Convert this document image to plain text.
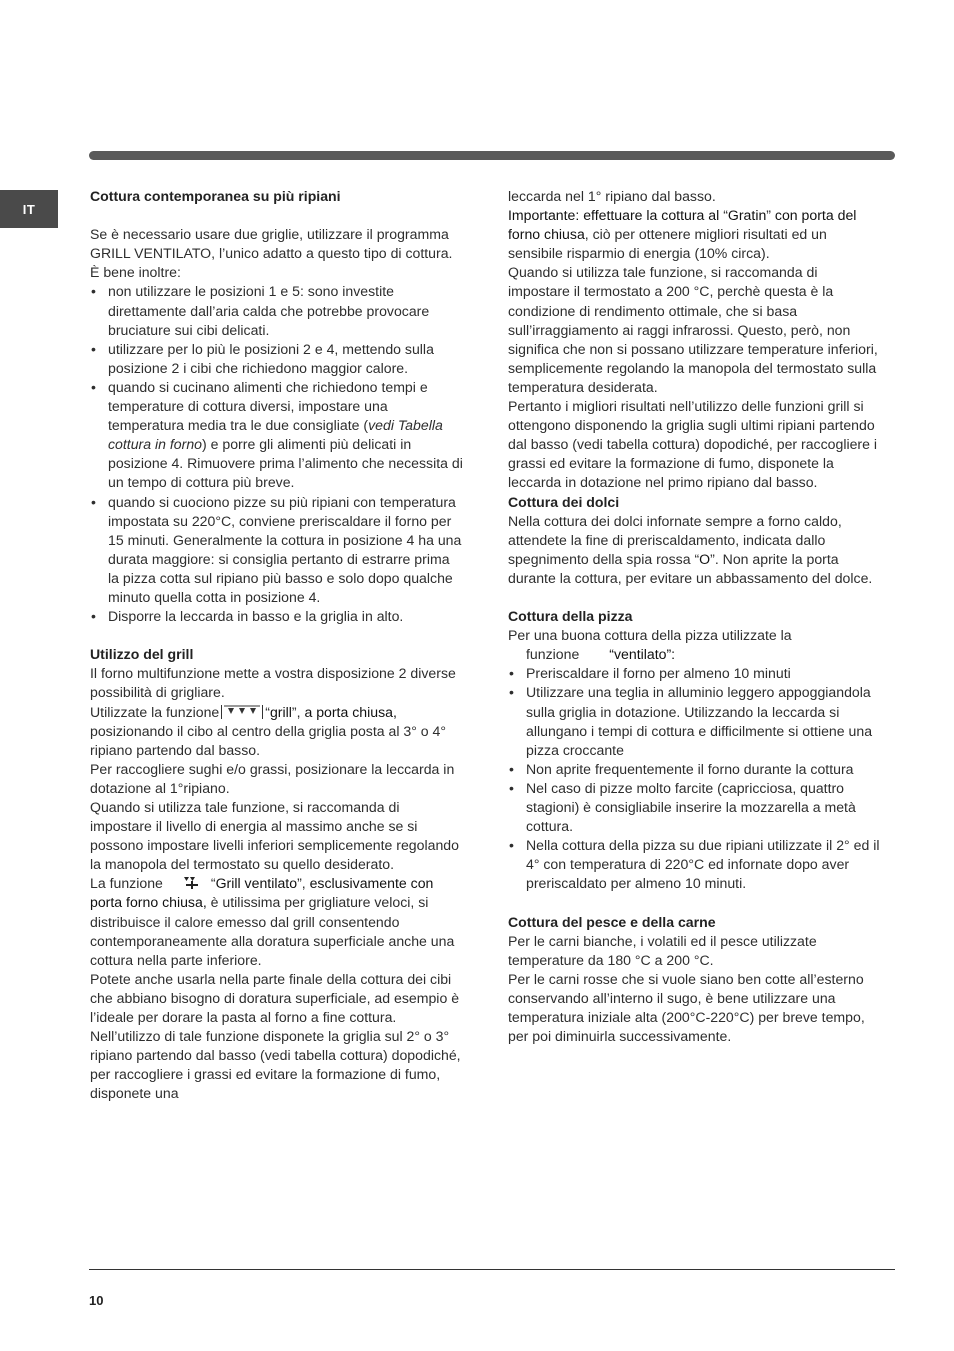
IT

Cottura contemporanea su più ripiani

Se è necessario usare due griglie, utilizzare il programma GRILL VENTILATO, l’unico adatto a questo tipo di cottura. È bene inoltre:

• non utilizzare le posizioni 1 e 5: sono investite direttamente dall’aria calda che potrebbe provocare bruciature sui cibi delicati.
• utilizzare per lo più le posizioni 2 e 4, mettendo sulla posizione 2 i cibi che richiedono maggior calore.
• quando si cucinano alimenti che richiedono tempi e temperature di cottura diversi, impostare una temperatura media tra le due consigliate (vedi Tabella cottura in forno) e porre gli alimenti più delicati in posizione 4. Rimuovere prima l’alimento che necessita di un tempo di cottura più breve.
• quando si cuociono pizze su più ripiani con temperatura impostata su 220°C, conviene preriscaldare il forno per 15 minuti. Generalmente la cottura in posizione 4 ha una durata maggiore: si consiglia pertanto di estrarre prima la pizza cotta sul ripiano più basso e solo dopo qualche minuto quella cotta in posizione 4.
• Disporre la leccarda in basso e la griglia in alto.

Utilizzo del grill

Il forno multifunzione mette a vostra disposizione 2 diverse possibilità di grigliare.

Utilizzate la funzione	“grill”, a porta chiusa, posizionando il cibo al centro della griglia posta al 3° o 4° ripiano partendo dal basso.

Per raccogliere sughi e/o grassi, posizionare la leccarda in dotazione al 1°ripiano.

Quando si utilizza tale funzione, si raccomanda di impostare il livello di energia al massimo anche se si possono impostare livelli inferiori semplicemente regolando la manopola del termostato su quello desiderato.

La funzione	“Grill ventilato”, esclusivamente con porta forno chiusa, è utilissima per grigliature veloci, si distribuisce il calore emesso dal grill consentendo contemporaneamente alla doratura superficiale anche una cottura nella parte inferiore.

Potete anche usarla nella parte finale della cottura dei cibi che abbiano bisogno di doratura superficiale, ad esempio è l’ideale per dorare la pasta al forno a fine cottura.

Nell’utilizzo di tale funzione disponete la griglia sul 2° o 3° ripiano partendo dal basso (vedi tabella cottura) dopodiché, per raccogliere i grassi ed evitare la formazione di fumo, disponete una

leccarda nel 1° ripiano dal basso.

Importante: effettuare la cottura al “Gratin” con porta del forno chiusa, ciò per ottenere migliori risultati ed un sensibile risparmio di energia (10% circa).

Quando si utilizza tale funzione, si raccomanda di impostare il termostato a 200 °C, perchè questa è la condizione di rendimento ottimale, che si basa sull’irraggiamento ai raggi infrarossi. Questo, però, non significa che non si possano utilizzare temperature inferiori, semplicemente regolando la manopola del termostato sulla temperatura desiderata.

Pertanto i migliori risultati nell’utilizzo delle funzioni grill si ottengono disponendo la griglia sugli ultimi ripiani partendo dal basso (vedi tabella cottura) dopodiché, per raccogliere i grassi ed evitare la formazione di fumo, disponete la leccarda in dotazione nel primo ripiano dal basso.

Cottura dei dolci

Nella cottura dei dolci infornate sempre a forno caldo, attendete la fine di preriscaldamento, indicata dallo spegnimento della spia rossa “O”. Non aprite la porta durante la cottura, per evitare un abbassamento del dolce.

Cottura della pizza

Per una buona cottura della pizza utilizzate la

funzione “ventilato”:

• Preriscaldare il forno per almeno 10 minuti
• Utilizzare una teglia in alluminio leggero appoggiandola sulla griglia in dotazione. Utilizzando la leccarda si allungano i tempi di cottura e difficilmente si ottiene una pizza croccante
• Non aprite frequentemente il forno durante la cottura
• Nel caso di pizze molto farcite (capricciosa, quattro stagioni) è consigliabile inserire la mozzarella a metà cottura.
• Nella cottura della pizza su due ripiani utilizzate il 2° ed il 4° con temperatura di 220°C ed infornate dopo aver preriscaldato per almeno 10 minuti.

Cottura del pesce e della carne

Per le carni bianche, i volatili ed il pesce utilizzate temperature da 180 °C a 200 °C.

Per le carni rosse che si vuole siano ben cotte all’esterno conservando all’interno il sugo, è bene utilizzare una temperatura iniziale alta (200°C-220°C) per breve tempo, per poi diminuirla successivamente.

10
